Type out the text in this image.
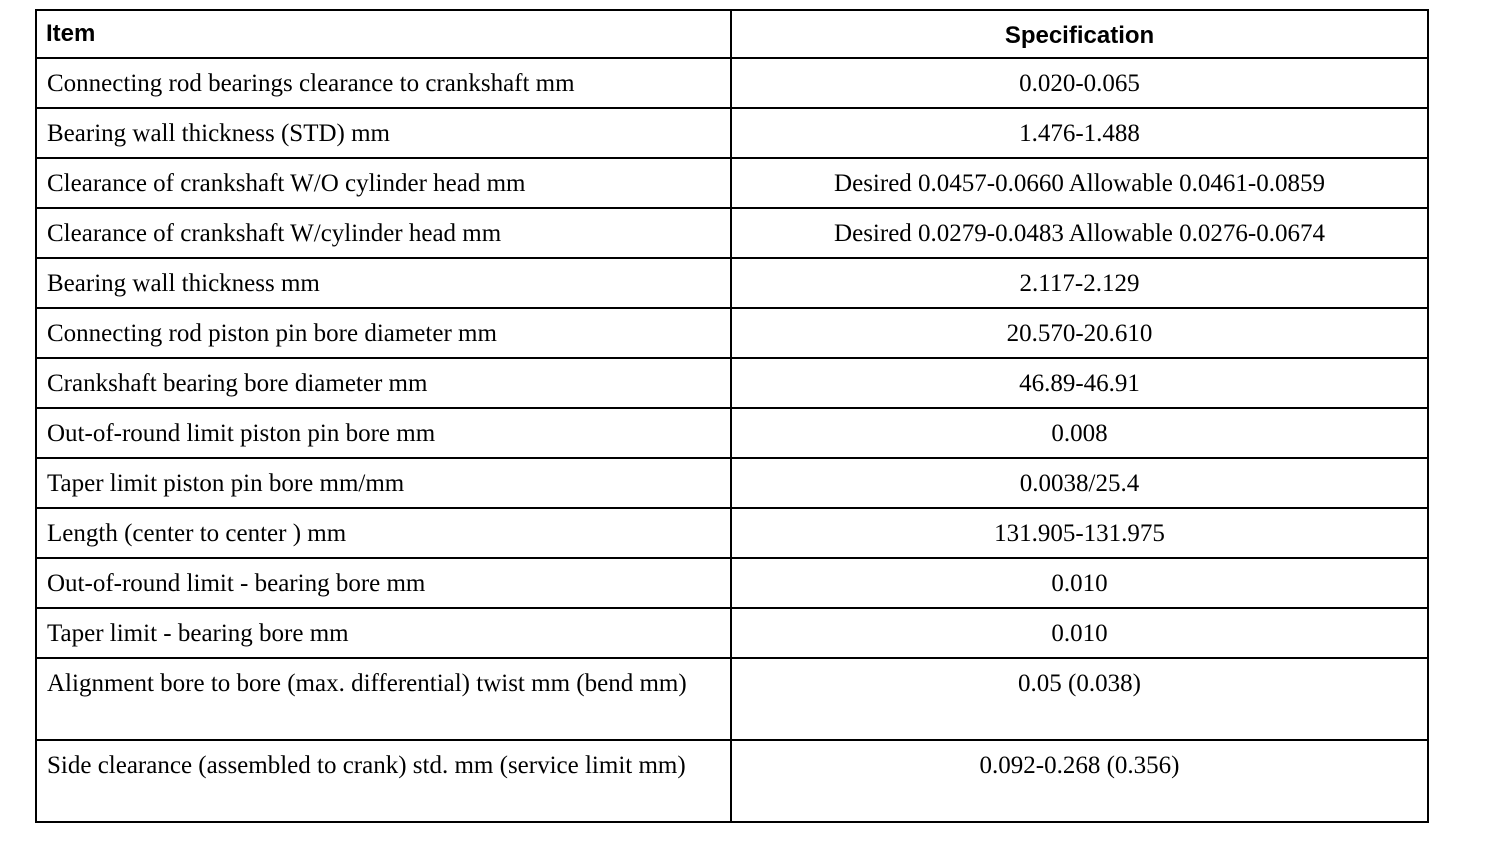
Item	Specification
Connecting rod bearings clearance to crankshaft mm	0.020-0.065
Bearing wall thickness (STD) mm	1.476-1.488
Clearance of crankshaft W/O cylinder head mm	Desired 0.0457-0.0660 Allowable 0.0461-0.0859
Clearance of crankshaft W/cylinder head mm	Desired 0.0279-0.0483 Allowable 0.0276-0.0674
Bearing wall thickness mm	2.117-2.129
Connecting rod piston pin bore diameter mm	20.570-20.610
Crankshaft bearing bore diameter mm	46.89-46.91
Out-of-round limit piston pin bore mm	0.008
Taper limit piston pin bore mm/mm	0.0038/25.4
Length (center to center ) mm	131.905-131.975
Out-of-round limit - bearing bore mm	0.010
Taper limit - bearing bore mm	0.010
Alignment bore to bore (max. differential) twist mm (bend mm)	0.05 (0.038)
Side clearance (assembled to crank) std. mm (service limit mm)	0.092-0.268 (0.356)
